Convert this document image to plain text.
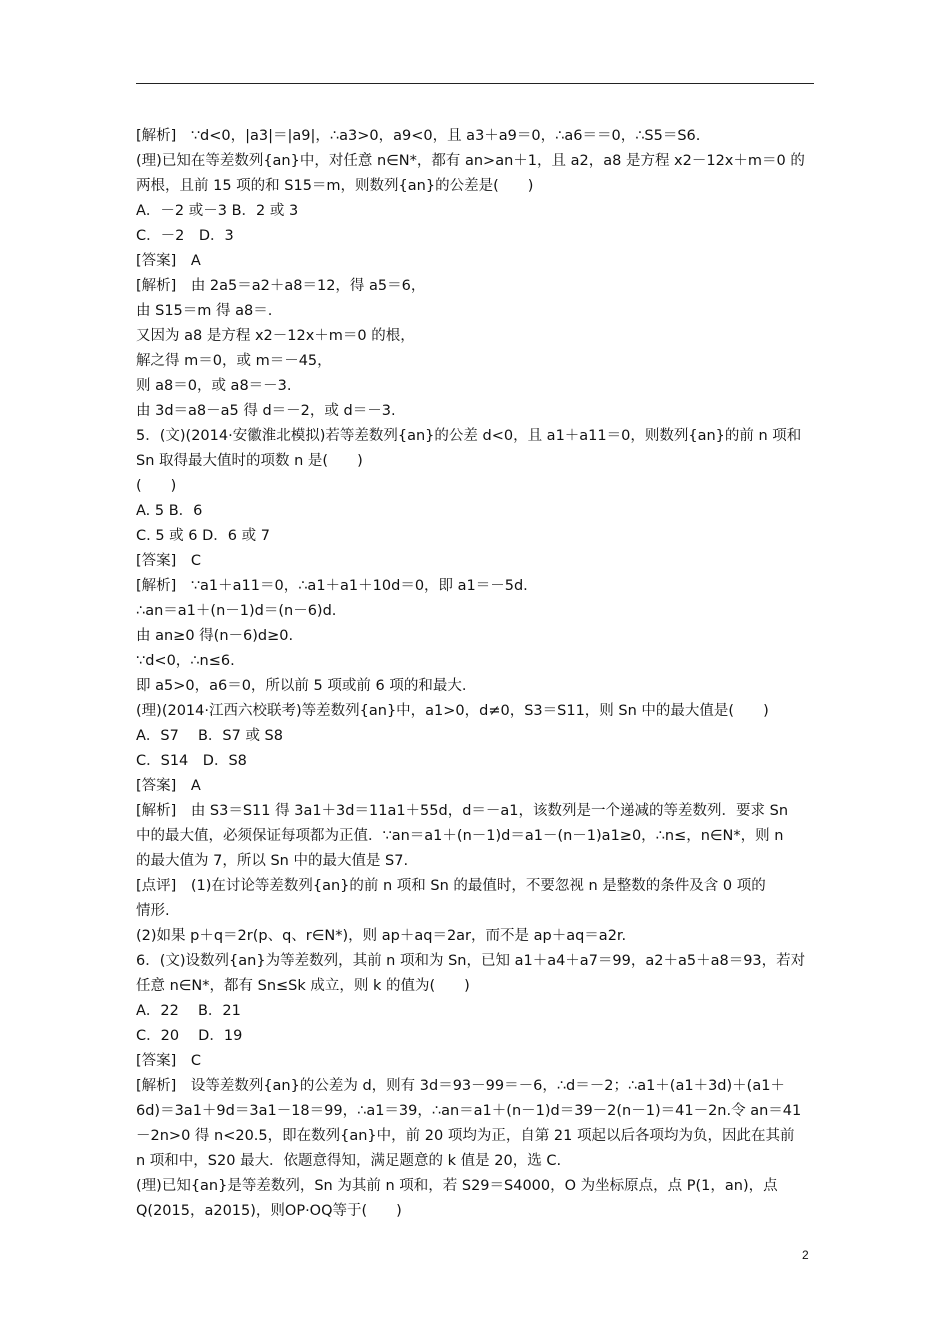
[解析]　∵d<0，|a3|＝|a9|，∴a3>0，a9<0，且 a3＋a9＝0，∴a6＝＝0，∴S5＝S6.
(理)已知在等差数列{an}中，对任意 n∈N*，都有 an>an＋1，且 a2，a8 是方程 x2－12x＋m＝0 的
两根，且前 15 项的和 S15＝m，则数列{an}的公差是(　　)
A．－2 或－3 B．2 或 3
C．－2　D．3
[答案]　A
[解析]　由 2a5＝a2＋a8＝12，得 a5＝6，
由 S15＝m 得 a8＝.
又因为 a8 是方程 x2－12x＋m＝0 的根，
解之得 m＝0，或 m＝－45，
则 a8＝0，或 a8＝－3.
由 3d＝a8－a5 得 d＝－2，或 d＝－3.
5．(文)(2014·安徽淮北模拟)若等差数列{an}的公差 d<0，且 a1＋a11＝0，则数列{an}的前 n 项和
Sn 取得最大值时的项数 n 是(　　)
(　　)
A. 5 B．6
C. 5 或 6 D．6 或 7
[答案]　C
[解析]　∵a1＋a11＝0，∴a1＋a1＋10d＝0，即 a1＝－5d.
∴an＝a1＋(n－1)d＝(n－6)d.
由 an≥0 得(n－6)d≥0.
∵d<0，∴n≤6.
即 a5>0，a6＝0，所以前 5 项或前 6 项的和最大.
(理)(2014·江西六校联考)等差数列{an}中，a1>0，d≠0，S3＝S11，则 Sn 中的最大值是(　　)
A．S7　 B．S7 或 S8
C．S14　D．S8
[答案]　A
[解析]　由 S3＝S11 得 3a1＋3d＝11a1＋55d，d＝－a1，该数列是一个递减的等差数列．要求 Sn
中的最大值，必须保证每项都为正值．∵an＝a1＋(n－1)d＝a1－(n－1)a1≥0，∴n≤，n∈N*，则 n
的最大值为 7，所以 Sn 中的最大值是 S7.
[点评]　(1)在讨论等差数列{an}的前 n 项和 Sn 的最值时，不要忽视 n 是整数的条件及含 0 项的
情形.
(2)如果 p＋q＝2r(p、q、r∈N*)，则 ap＋aq＝2ar，而不是 ap＋aq＝a2r.
6．(文)设数列{an}为等差数列，其前 n 项和为 Sn，已知 a1＋a4＋a7＝99，a2＋a5＋a8＝93，若对
任意 n∈N*，都有 Sn≤Sk 成立，则 k 的值为(　　)
A．22　 B．21
C．20　 D．19
[答案]　C
[解析]　设等差数列{an}的公差为 d，则有 3d＝93－99＝－6，∴d＝－2；∴a1＋(a1＋3d)＋(a1＋
6d)＝3a1＋9d＝3a1－18＝99，∴a1＝39，∴an＝a1＋(n－1)d＝39－2(n－1)＝41－2n.令 an＝41
－2n>0 得 n<20.5，即在数列{an}中，前 20 项均为正，自第 21 项起以后各项均为负，因此在其前
n 项和中，S20 最大．依题意得知，满足题意的 k 值是 20，选 C.
(理)已知{an}是等差数列，Sn 为其前 n 项和，若 S29＝S4000，O 为坐标原点，点 P(1，an)，点
Q(2015，a2015)，则OP·OQ等于(　　)
2
